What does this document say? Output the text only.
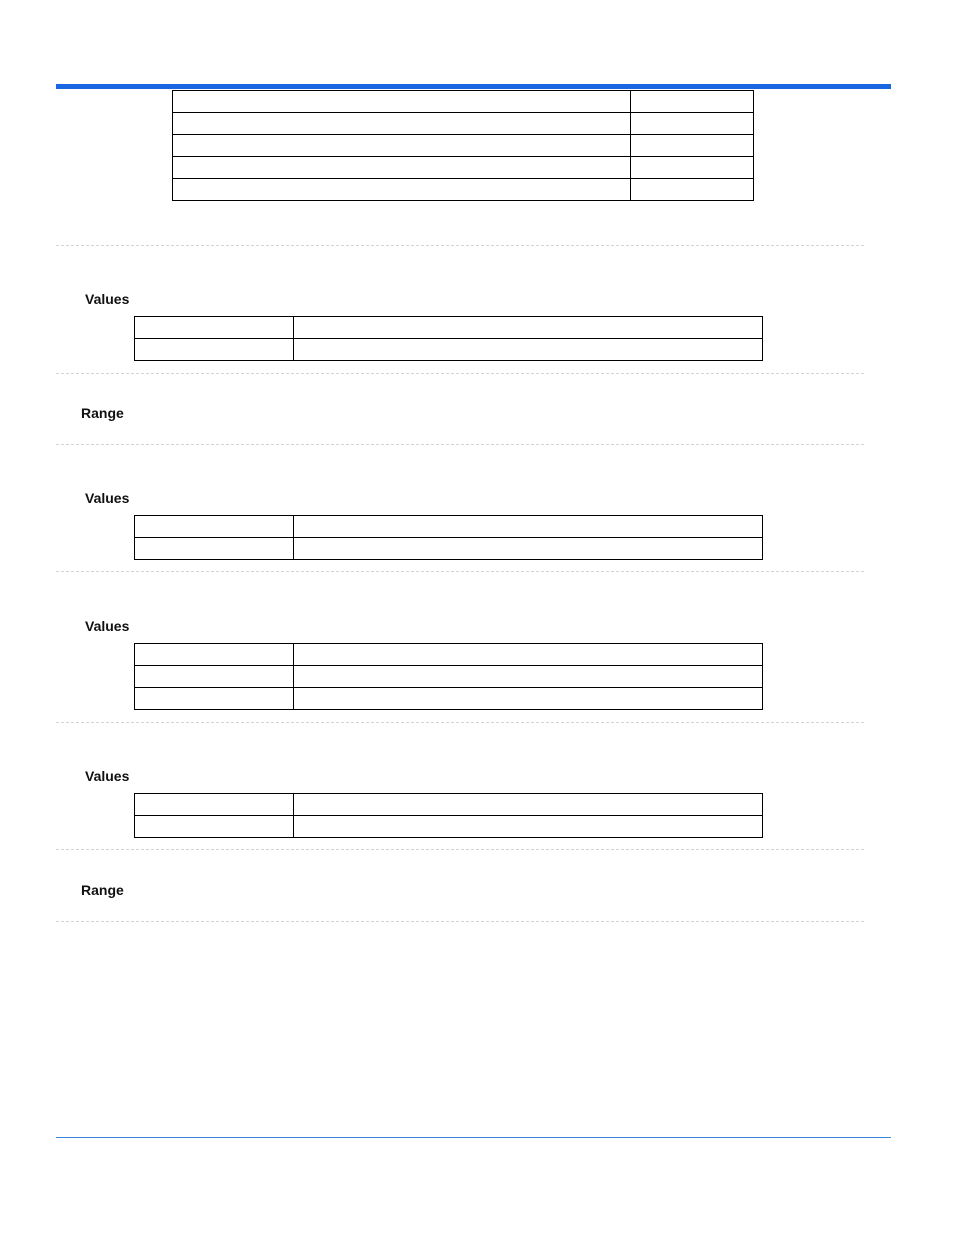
Values

Range
Values

Values

Values

Range
